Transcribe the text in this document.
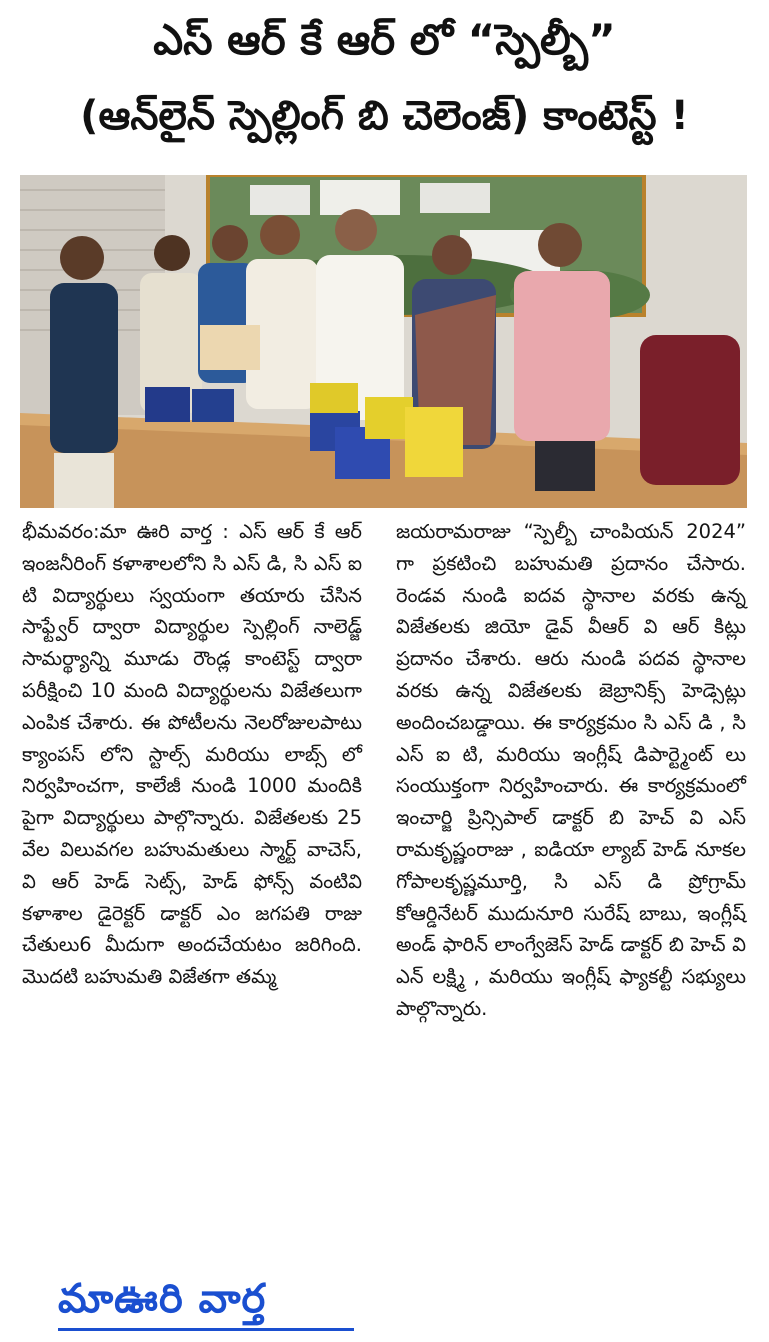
ఎస్ ఆర్ కే ఆర్ లో “స్పెల్బీ”
(ఆన్‌లైన్ స్పెల్లింగ్ బి చెలెంజ్) కాంటెస్ట్ !
భీమవరం:మా ఊరి వార్త : ఎస్ ఆర్ కే ఆర్ ఇంజనీరింగ్ కళాశాలలోని సి ఎస్ డి, సి ఎస్ ఐ టి విద్యార్థులు స్వయంగా తయారు చేసిన సాఫ్ట్వేర్ ద్వారా విద్యార్థుల స్పెల్లింగ్ నాలెడ్జ్ సామర్థ్యాన్ని మూడు రౌండ్ల కాంటెస్ట్ ద్వారా పరీక్షించి 10 మంది విద్యార్థులను విజేతలుగా ఎంపిక చేశారు. ఈ పోటీలను నెలరోజులపాటు క్యాంపస్ లోని స్టాల్స్ మరియు లాబ్స్ లో నిర్వహించగా, కాలేజీ నుండి 1000 మందికి పైగా విద్యార్థులు పాల్గొన్నారు. విజేతలకు 25 వేల విలువగల బహుమతులు స్మార్ట్ వాచెస్, వి ఆర్ హెడ్ సెట్స్, హెడ్ ఫోన్స్ వంటివి కళాశాల డైరెక్టర్ డాక్టర్ ఎం జగపతి రాజు చేతులు6 మీదుగా అందచేయటం జరిగింది. మొదటి బహుమతి విజేతగా తమ్మ
జయరామరాజు “స్పెల్బీ చాంపియన్ 2024” గా ప్రకటించి బహుమతి ప్రదానం చేసారు. రెండవ నుండి ఐదవ స్థానాల వరకు ఉన్న విజేతలకు జియో డైవ్ వీఆర్ వి ఆర్ కిట్లు ప్రదానం చేశారు. ఆరు నుండి పదవ స్థానాల వరకు ఉన్న విజేతలకు జెబ్రానిక్స్ హెడ్సెట్లు అందించబడ్డాయి. ఈ కార్యక్రమం సి ఎస్ డి , సి ఎస్ ఐ టి, మరియు ఇంగ్లీష్ డిపార్ట్మెంట్ లు సంయుక్తంగా నిర్వహించారు. ఈ కార్యక్రమంలో ఇంచార్జి ప్రిన్సిపాల్ డాక్టర్ బి హెచ్ వి ఎస్ రామకృష్ణంరాజు , ఐడియా ల్యాబ్ హెడ్ నూకల గోపాలకృష్ణమూర్తి, సి ఎస్ డి ప్రోగ్రామ్ కోఆర్డినేటర్ ముదునూరి సురేష్ బాబు, ఇంగ్లీష్ అండ్ ఫారిన్ లాంగ్వేజెస్ హెడ్ డాక్టర్ బి హెచ్ వి ఎన్ లక్ష్మి , మరియు ఇంగ్లీష్ ఫ్యాకల్టీ సభ్యులు పాల్గొన్నారు.
మాఊరి వార్త
